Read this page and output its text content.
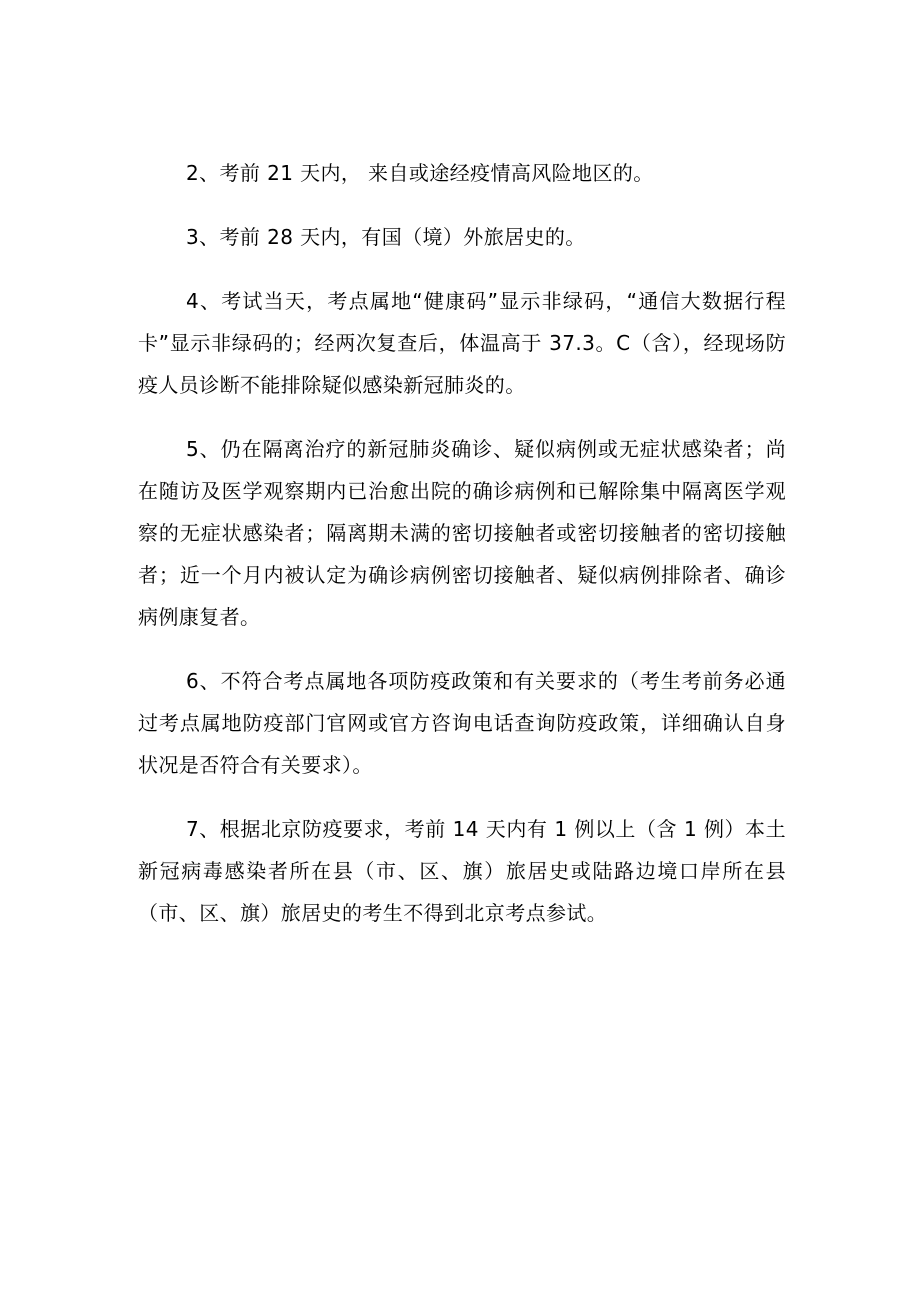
2、考前 21 天内， 来自或途经疫情高风险地区的。

3、考前 28 天内，有国（境）外旅居史的。

4、考试当天，考点属地“健康码”显示非绿码，“通信大数据行程卡”显示非绿码的；经两次复查后，体温高于 37.3。C（含），经现场防疫人员诊断不能排除疑似感染新冠肺炎的。

5、仍在隔离治疗的新冠肺炎确诊、疑似病例或无症状感染者；尚在随访及医学观察期内已治愈出院的确诊病例和已解除集中隔离医学观察的无症状感染者；隔离期未满的密切接触者或密切接触者的密切接触者；近一个月内被认定为确诊病例密切接触者、疑似病例排除者、确诊病例康复者。

6、不符合考点属地各项防疫政策和有关要求的（考生考前务必通过考点属地防疫部门官网或官方咨询电话查询防疫政策，详细确认自身状况是否符合有关要求）。

7、根据北京防疫要求，考前 14 天内有 1 例以上（含 1 例）本土新冠病毒感染者所在县（市、区、旗）旅居史或陆路边境口岸所在县（市、区、旗）旅居史的考生不得到北京考点参试。
